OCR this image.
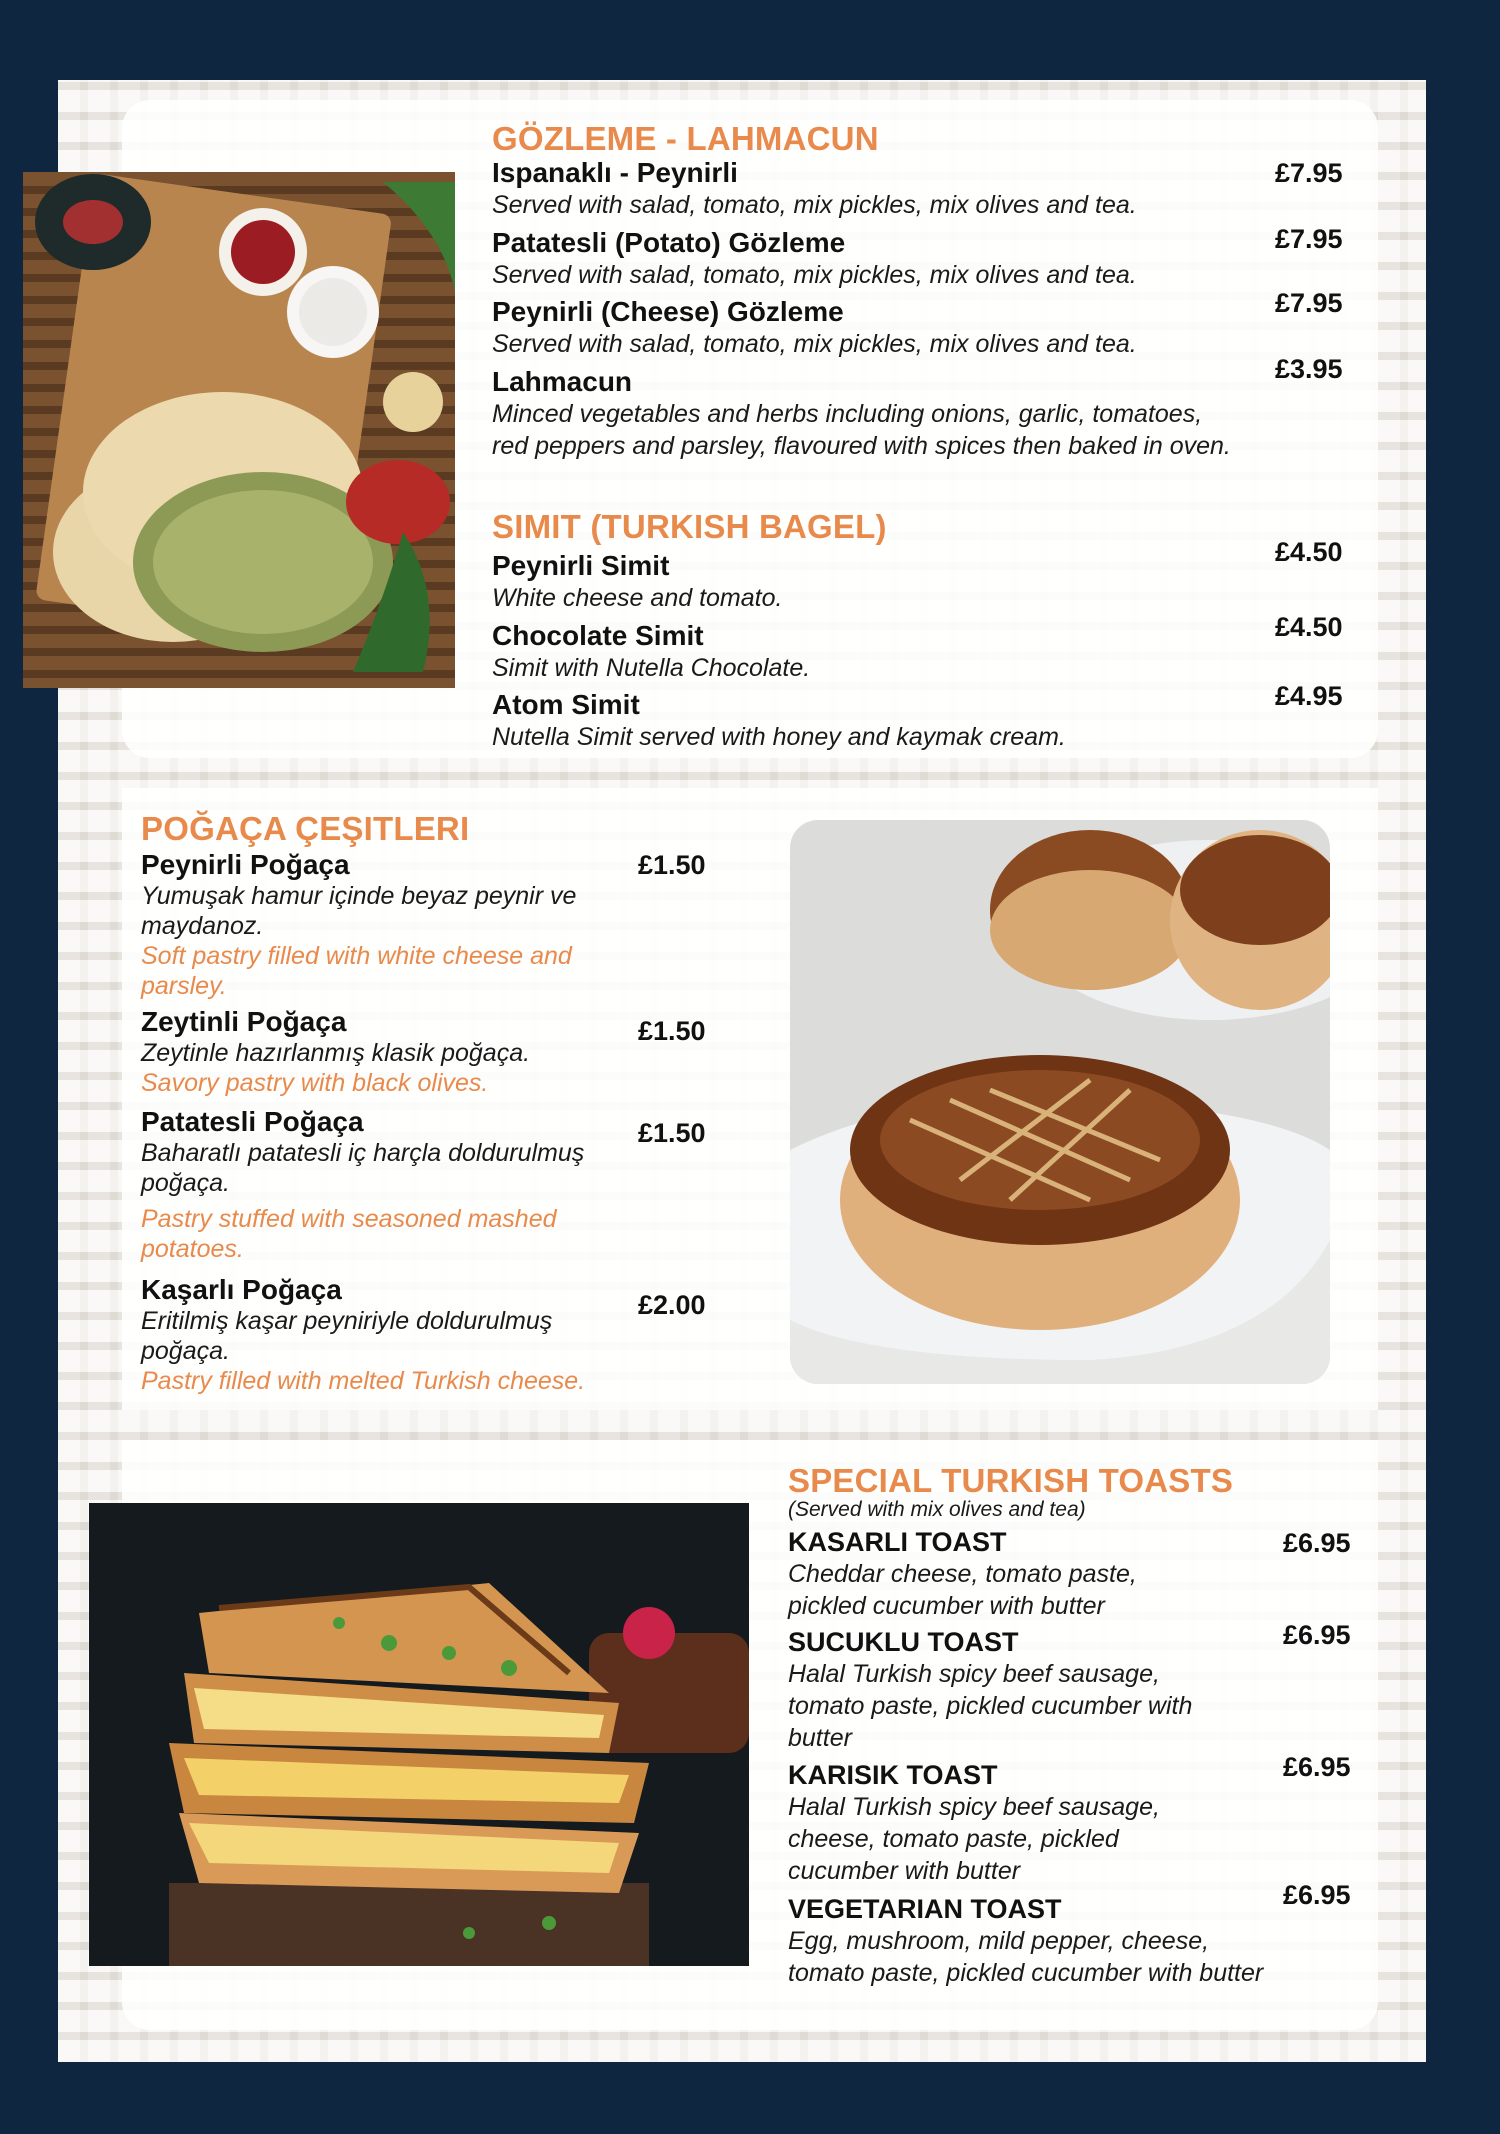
GÖZLEME - LAHMACUN
Ispanaklı - Peynirli
Served with salad, tomato, mix pickles, mix olives and tea.
£7.95
Patatesli (Potato) Gözleme
Served with salad, tomato, mix pickles, mix olives and tea.
£7.95
Peynirli (Cheese) Gözleme
Served with salad, tomato, mix pickles, mix olives and tea.
£7.95
Lahmacun
Minced vegetables and herbs including onions, garlic, tomatoes, red peppers and parsley, flavoured with spices then baked in oven.
£3.95
SIMIT (TURKISH BAGEL)
Peynirli Simit
White cheese and tomato.
£4.50
Chocolate Simit
Simit with Nutella Chocolate.
£4.50
Atom Simit
Nutella Simit served with honey and kaymak cream.
£4.95
POĞAÇA ÇEŞITLERI
Peynirli Poğaça
Yumuşak hamur içinde beyaz peynir ve maydanoz.
Soft pastry filled with white cheese and parsley.
£1.50
Zeytinli Poğaça
Zeytinle hazırlanmış klasik poğaça.
Savory pastry with black olives.
£1.50
Patatesli Poğaça
Baharatlı patatesli iç harçla doldurulmuş poğaça.
Pastry stuffed with seasoned mashed potatoes.
£1.50
Kaşarlı Poğaça
Eritilmiş kaşar peyniriyle doldurulmuş poğaça.
Pastry filled with melted Turkish cheese.
£2.00
SPECIAL TURKISH TOASTS
(Served with mix olives and tea)
KASARLI TOAST
Cheddar cheese, tomato paste, pickled cucumber with butter
£6.95
SUCUKLU TOAST
Halal Turkish spicy beef sausage, tomato paste, pickled cucumber with butter
£6.95
KARISIK TOAST
Halal Turkish spicy beef sausage, cheese, tomato paste, pickled cucumber with butter
£6.95
VEGETARIAN TOAST
Egg, mushroom, mild pepper, cheese, tomato paste, pickled cucumber with butter
£6.95
